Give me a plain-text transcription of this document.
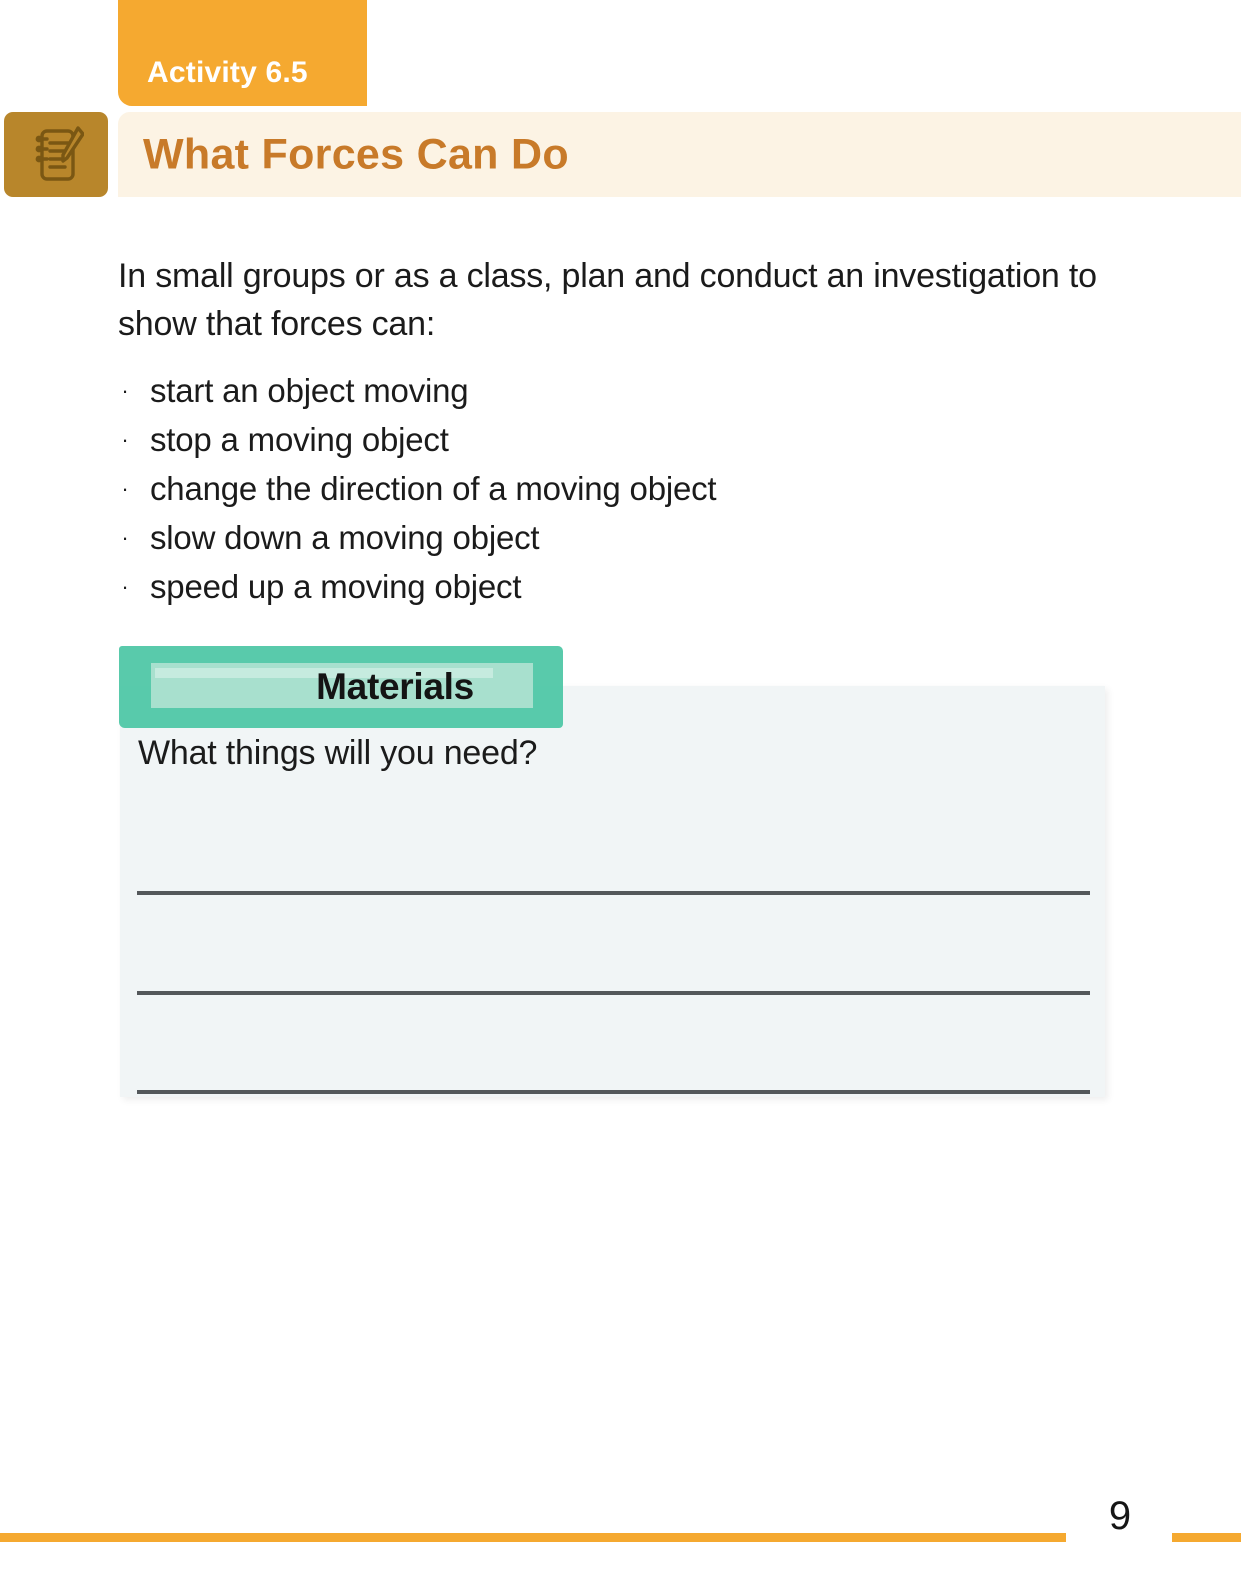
Activity 6.5
What Forces Can Do

In small groups or as a class, plan and conduct an investigation to show that forces can:

· start an object moving
· stop a moving object
· change the direction of a moving object
· slow down a moving object
· speed up a moving object
What things will you need?
Materials
9
